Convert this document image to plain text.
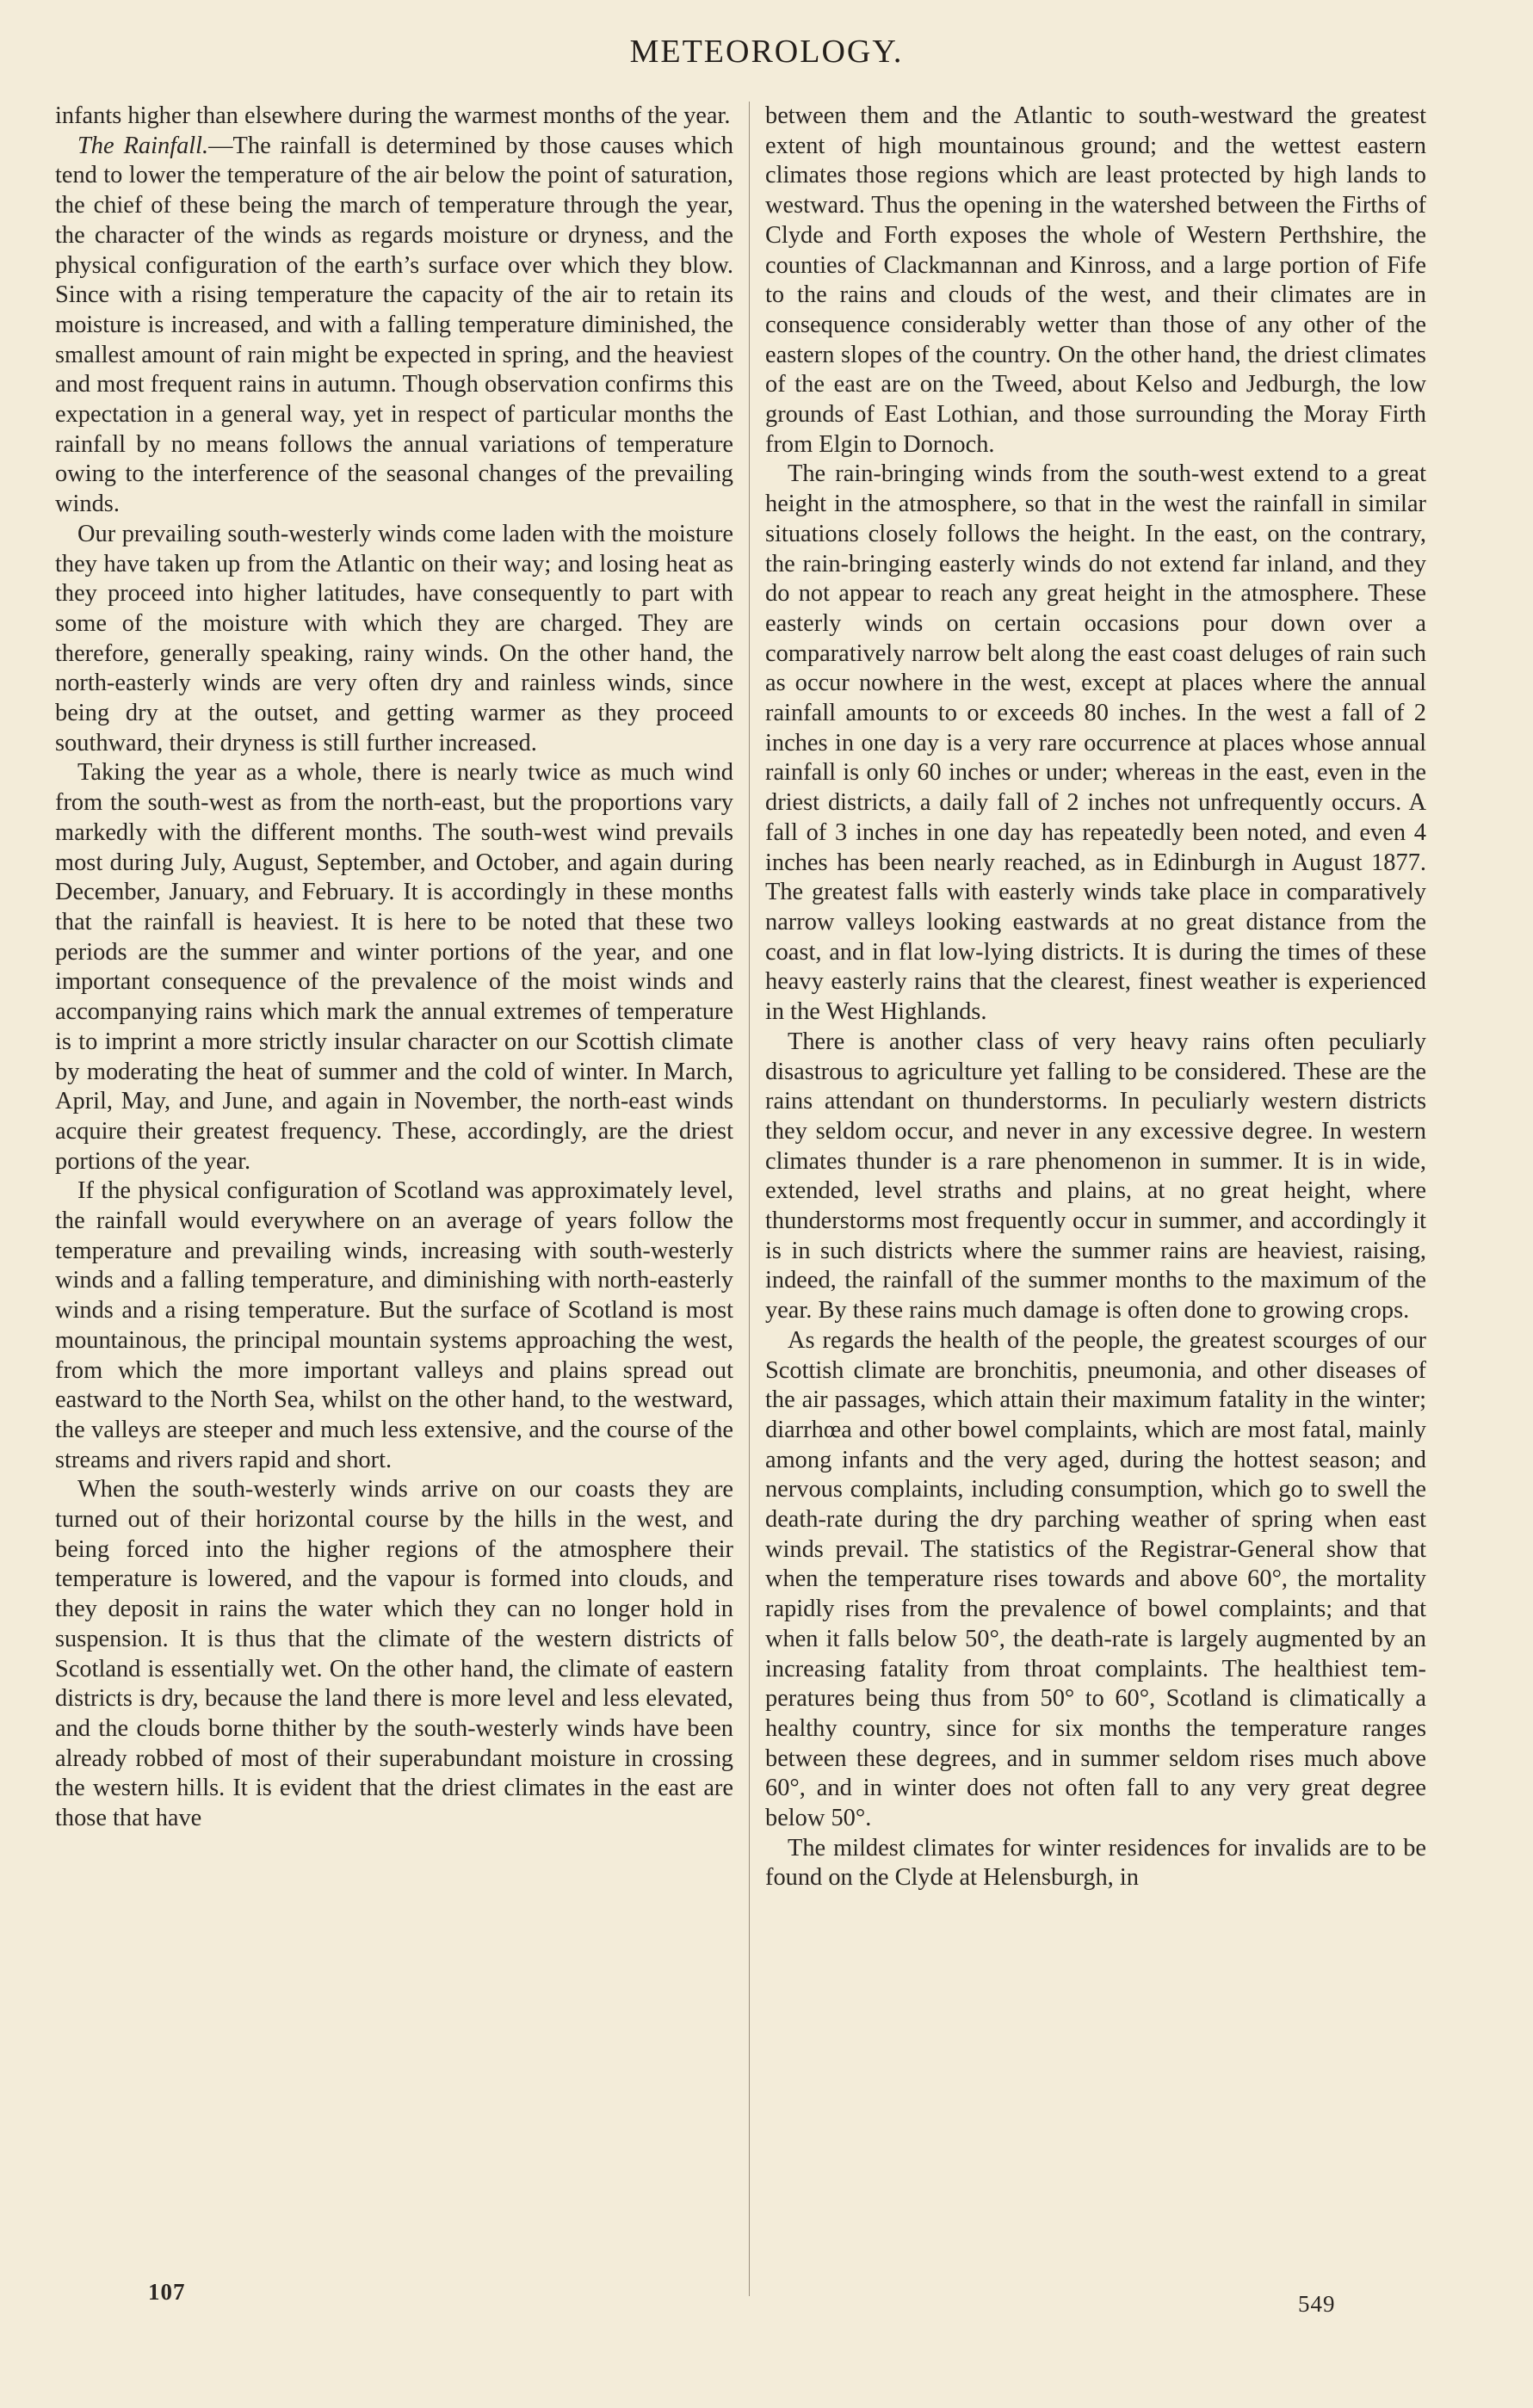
METEOROLOGY.

infants higher than elsewhere during the warmest months of the year.

The Rainfall.—The rainfall is determined by those causes which tend to lower the temperature of the air below the point of saturation, the chief of these being the march of temperature through the year, the character of the winds as regards moisture or dryness, and the physical configuration of the earth’s surface over which they blow. Since with a rising temperature the capacity of the air to retain its moisture is increased, and with a falling temperature diminished, the smallest amount of rain might be expected in spring, and the heaviest and most frequent rains in autumn. Though observation confirms this expectation in a general way, yet in respect of particular months the rainfall by no means follows the annual variations of temperature owing to the interference of the seasonal changes of the prevailing winds.

Our prevailing south-westerly winds come laden with the moisture they have taken up from the Atlantic on their way; and losing heat as they proceed into higher latitudes, have consequently to part with some of the moisture with which they are charged. They are therefore, generally speaking, rainy winds. On the other hand, the north-easterly winds are very often dry and rainless winds, since being dry at the outset, and getting warmer as they proceed southward, their dryness is still further increased.

Taking the year as a whole, there is nearly twice as much wind from the south-west as from the north-east, but the proportions vary markedly with the different months. The south-west wind prevails most during July, August, September, and October, and again during December, January, and February. It is accordingly in these months that the rainfall is heaviest. It is here to be noted that these two periods are the summer and winter portions of the year, and one important consequence of the prevalence of the moist winds and accompanying rains which mark the annual extremes of temperature is to imprint a more strictly insular character on our Scottish climate by moderating the heat of summer and the cold of winter. In March, April, May, and June, and again in November, the north-east winds acquire their greatest frequency. These, accordingly, are the driest portions of the year.

If the physical configuration of Scotland was approximately level, the rainfall would everywhere on an average of years follow the temperature and prevailing winds, increasing with south-westerly winds and a falling temperature, and diminishing with north-easterly winds and a rising temperature. But the surface of Scotland is most mountainous, the principal mountain systems approaching the west, from which the more important valleys and plains spread out eastward to the North Sea, whilst on the other hand, to the westward, the valleys are steeper and much less extensive, and the course of the streams and rivers rapid and short.

When the south-westerly winds arrive on our coasts they are turned out of their horizontal course by the hills in the west, and being forced into the higher regions of the atmosphere their temperature is lowered, and the vapour is formed into clouds, and they deposit in rains the water which they can no longer hold in suspension. It is thus that the climate of the western districts of Scotland is essentially wet. On the other hand, the climate of eastern districts is dry, because the land there is more level and less elevated, and the clouds borne thither by the south-westerly winds have been already robbed of most of their superabundant moisture in crossing the western hills. It is evident that the driest climates in the east are those that have

between them and the Atlantic to south-westward the greatest extent of high mountainous ground; and the wettest eastern climates those regions which are least protected by high lands to westward. Thus the opening in the watershed between the Firths of Clyde and Forth exposes the whole of Western Perthshire, the counties of Clackmannan and Kinross, and a large portion of Fife to the rains and clouds of the west, and their climates are in consequence considerably wetter than those of any other of the eastern slopes of the country. On the other hand, the driest climates of the east are on the Tweed, about Kelso and Jedburgh, the low grounds of East Lothian, and those surrounding the Moray Firth from Elgin to Dornoch.

The rain-bringing winds from the south-west extend to a great height in the atmosphere, so that in the west the rainfall in similar situations closely follows the height. In the east, on the contrary, the rain-bringing easterly winds do not extend far inland, and they do not appear to reach any great height in the atmosphere. These easterly winds on certain occasions pour down over a comparatively narrow belt along the east coast deluges of rain such as occur nowhere in the west, except at places where the annual rainfall amounts to or exceeds 80 inches. In the west a fall of 2 inches in one day is a very rare occurrence at places whose annual rainfall is only 60 inches or under; whereas in the east, even in the driest districts, a daily fall of 2 inches not unfrequently occurs. A fall of 3 inches in one day has repeatedly been noted, and even 4 inches has been nearly reached, as in Edinburgh in August 1877. The greatest falls with easterly winds take place in comparatively narrow valleys looking eastwards at no great distance from the coast, and in flat low-lying districts. It is during the times of these heavy easterly rains that the clearest, finest weather is experienced in the West Highlands.

There is another class of very heavy rains often peculiarly disastrous to agriculture yet falling to be considered. These are the rains attendant on thunderstorms. In peculiarly western districts they seldom occur, and never in any excessive degree. In western climates thunder is a rare phenomenon in summer. It is in wide, extended, level straths and plains, at no great height, where thunderstorms most frequently occur in summer, and accordingly it is in such districts where the summer rains are heaviest, raising, indeed, the rainfall of the summer months to the maximum of the year. By these rains much damage is often done to growing crops.

As regards the health of the people, the greatest scourges of our Scottish climate are bronchitis, pneumonia, and other diseases of the air passages, which attain their maximum fatality in the winter; diarrhœa and other bowel complaints, which are most fatal, mainly among infants and the very aged, during the hottest season; and nervous complaints, including consumption, which go to swell the death-rate during the dry parching weather of spring when east winds prevail. The statistics of the Registrar-General show that when the temperature rises towards and above 60°, the mortality rapidly rises from the prevalence of bowel complaints; and that when it falls below 50°, the death-rate is largely augmented by an increasing fatality from throat complaints. The healthiest temperatures being thus from 50° to 60°, Scotland is climatically a healthy country, since for six months the temperature ranges between these degrees, and in summer seldom rises much above 60°, and in winter does not often fall to any very great degree below 50°.

The mildest climates for winter residences for invalids are to be found on the Clyde at Helensburgh, in

107	549
